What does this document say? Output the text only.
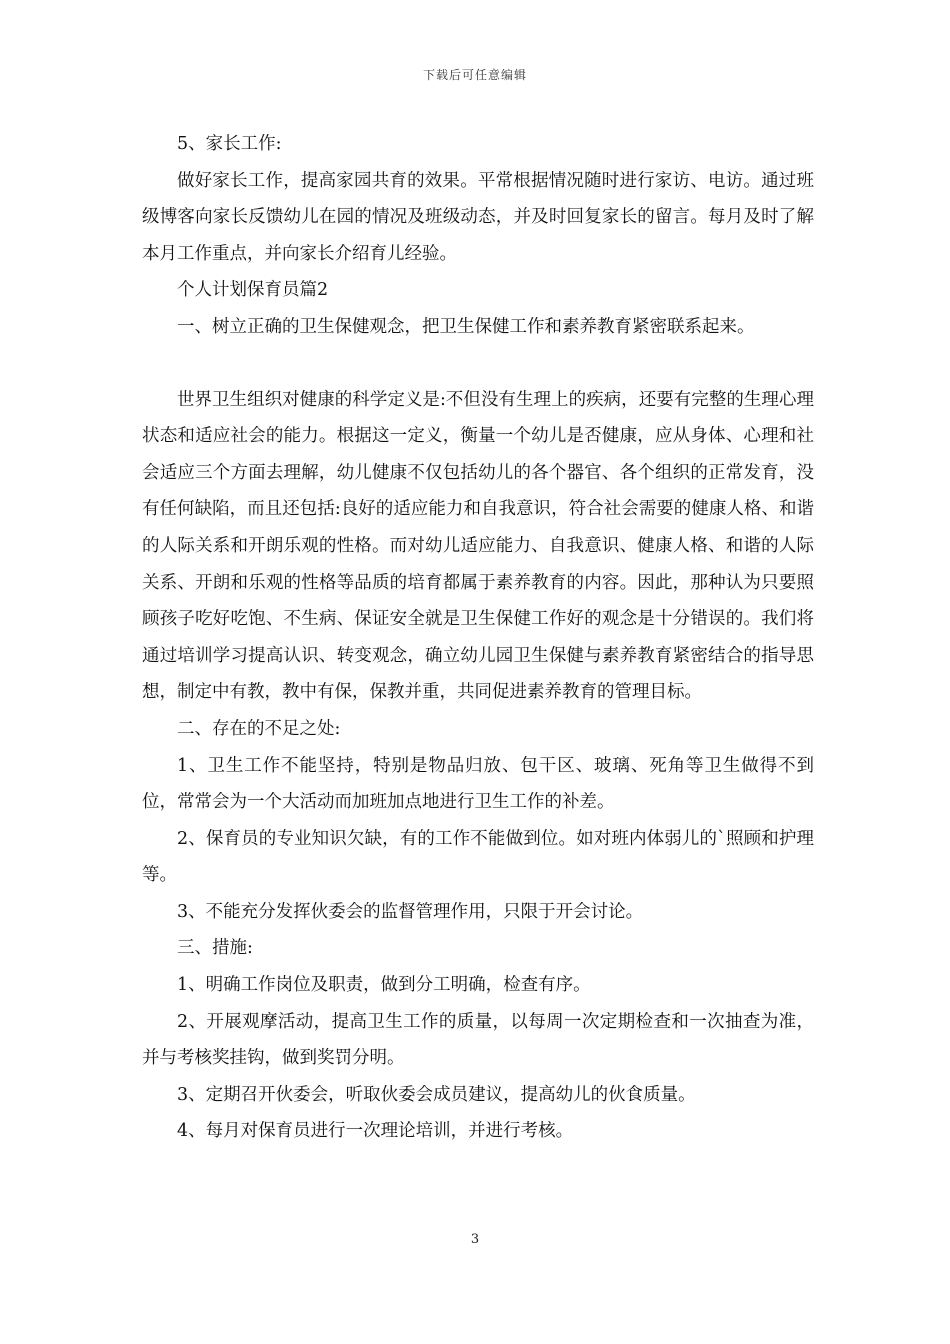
下载后可任意编辑

5、家长工作:

做好家长工作，提高家园共育的效果。平常根据情况随时进行家访、电访。通过班级博客向家长反馈幼儿在园的情况及班级动态，并及时回复家长的留言。每月及时了解本月工作重点，并向家长介绍育儿经验。

个人计划保育员篇2

一、树立正确的卫生保健观念，把卫生保健工作和素养教育紧密联系起来。

世界卫生组织对健康的科学定义是:不但没有生理上的疾病，还要有完整的生理心理状态和适应社会的能力。根据这一定义，衡量一个幼儿是否健康，应从身体、心理和社会适应三个方面去理解，幼儿健康不仅包括幼儿的各个器官、各个组织的正常发育，没有任何缺陷，而且还包括:良好的适应能力和自我意识，符合社会需要的健康人格、和谐的人际关系和开朗乐观的性格。而对幼儿适应能力、自我意识、健康人格、和谐的人际关系、开朗和乐观的性格等品质的培育都属于素养教育的内容。因此，那种认为只要照顾孩子吃好吃饱、不生病、保证安全就是卫生保健工作好的观念是十分错误的。我们将通过培训学习提高认识、转变观念，确立幼儿园卫生保健与素养教育紧密结合的指导思想，制定中有教，教中有保，保教并重，共同促进素养教育的管理目标。

二、存在的不足之处:

1、卫生工作不能坚持，特别是物品归放、包干区、玻璃、死角等卫生做得不到位，常常会为一个大活动而加班加点地进行卫生工作的补差。

2、保育员的专业知识欠缺，有的工作不能做到位。如对班内体弱儿的`照顾和护理等。

3、不能充分发挥伙委会的监督管理作用，只限于开会讨论。

三、措施:

1、明确工作岗位及职责，做到分工明确，检查有序。

2、开展观摩活动，提高卫生工作的质量，以每周一次定期检查和一次抽查为准，并与考核奖挂钩，做到奖罚分明。

3、定期召开伙委会，听取伙委会成员建议，提高幼儿的伙食质量。

4、每月对保育员进行一次理论培训，并进行考核。

3
